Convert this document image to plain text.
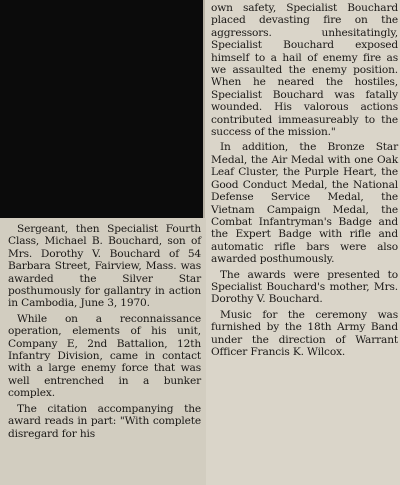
own safety, Specialist Bouchard placed devasting fire on the aggressors. unhesitatingly, Specialist Bouchard exposed himself to a hail of enemy fire as we assaulted the enemy position. When he neared the hostiles, Specialist Bouchard was fatally wounded. His valorous actions contributed immeasureably to the success of the mission."

In addition, the Bronze Star Medal, the Air Medal with one Oak Leaf Cluster, the Purple Heart, the Good Conduct Medal, the National Defense Service Medal, the Vietnam Campaign Medal, the Combat Infantryman's Badge and the Expert Badge with rifle and automatic rifle bars were also awarded posthumously.

The awards were presented to Specialist Bouchard's mother, Mrs. Dorothy V. Bouchard.

Music for the ceremony was furnished by the 18th Army Band under the direction of Warrant Officer Francis K. Wilcox.

Sergeant, then Specialist Fourth Class, Michael B. Bouchard, son of Mrs. Dorothy V. Bouchard of 54 Barbara Street, Fairview, Mass. was awarded the Silver Star posthumously for gallantry in action in Cambodia, June 3, 1970.

While on a reconnaissance operation, elements of his unit, Company E, 2nd Battalion, 12th Infantry Division, came in contact with a large enemy force that was well entrenched in a bunker complex.

The citation accompanying the award reads in part: "With complete disregard for his
